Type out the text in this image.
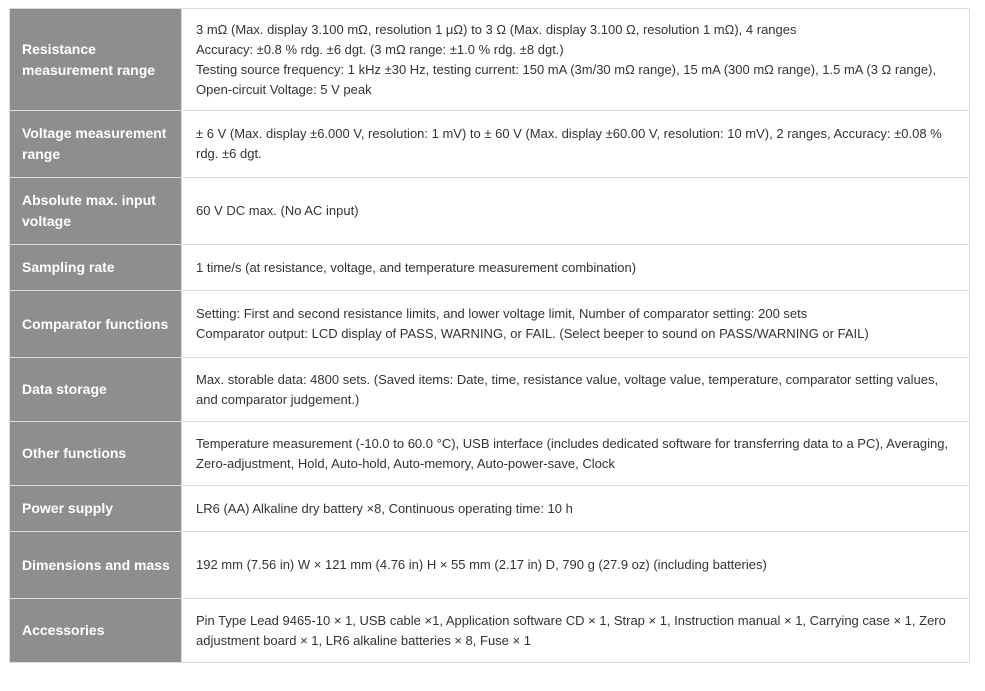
Resistance measurement range	3 mΩ (Max. display 3.100 mΩ, resolution 1 μΩ) to 3 Ω (Max. display 3.100 Ω, resolution 1 mΩ), 4 ranges
Accuracy: ±0.8 % rdg. ±6 dgt. (3 mΩ range: ±1.0 % rdg. ±8 dgt.)
Testing source frequency: 1 kHz ±30 Hz, testing current: 150 mA (3m/30 mΩ range), 15 mA (300 mΩ range), 1.5 mA (3 Ω range),
Open-circuit Voltage: 5 V peak

Voltage measurement range	± 6 V (Max. display ±6.000 V, resolution: 1 mV) to ± 60 V (Max. display ±60.00 V, resolution: 10 mV), 2 ranges, Accuracy: ±0.08 % rdg. ±6 dgt.

Absolute max. input voltage	60 V DC max. (No AC input)

Sampling rate	1 time/s (at resistance, voltage, and temperature measurement combination)

Comparator functions	Setting: First and second resistance limits, and lower voltage limit, Number of comparator setting: 200 sets
Comparator output: LCD display of PASS, WARNING, or FAIL. (Select beeper to sound on PASS/WARNING or FAIL)

Data storage	Max. storable data: 4800 sets. (Saved items: Date, time, resistance value, voltage value, temperature, comparator setting values, and comparator judgement.)

Other functions	Temperature measurement (-10.0 to 60.0 °C), USB interface (includes dedicated software for transferring data to a PC), Averaging, Zero-adjustment, Hold, Auto-hold, Auto-memory, Auto-power-save, Clock

Power supply	LR6 (AA) Alkaline dry battery ×8, Continuous operating time: 10 h

Dimensions and mass	192 mm (7.56 in) W × 121 mm (4.76 in) H × 55 mm (2.17 in) D, 790 g (27.9 oz) (including batteries)

Accessories	Pin Type Lead 9465-10 × 1, USB cable ×1, Application software CD × 1, Strap × 1, Instruction manual × 1, Carrying case × 1, Zero adjustment board × 1, LR6 alkaline batteries × 8, Fuse × 1
